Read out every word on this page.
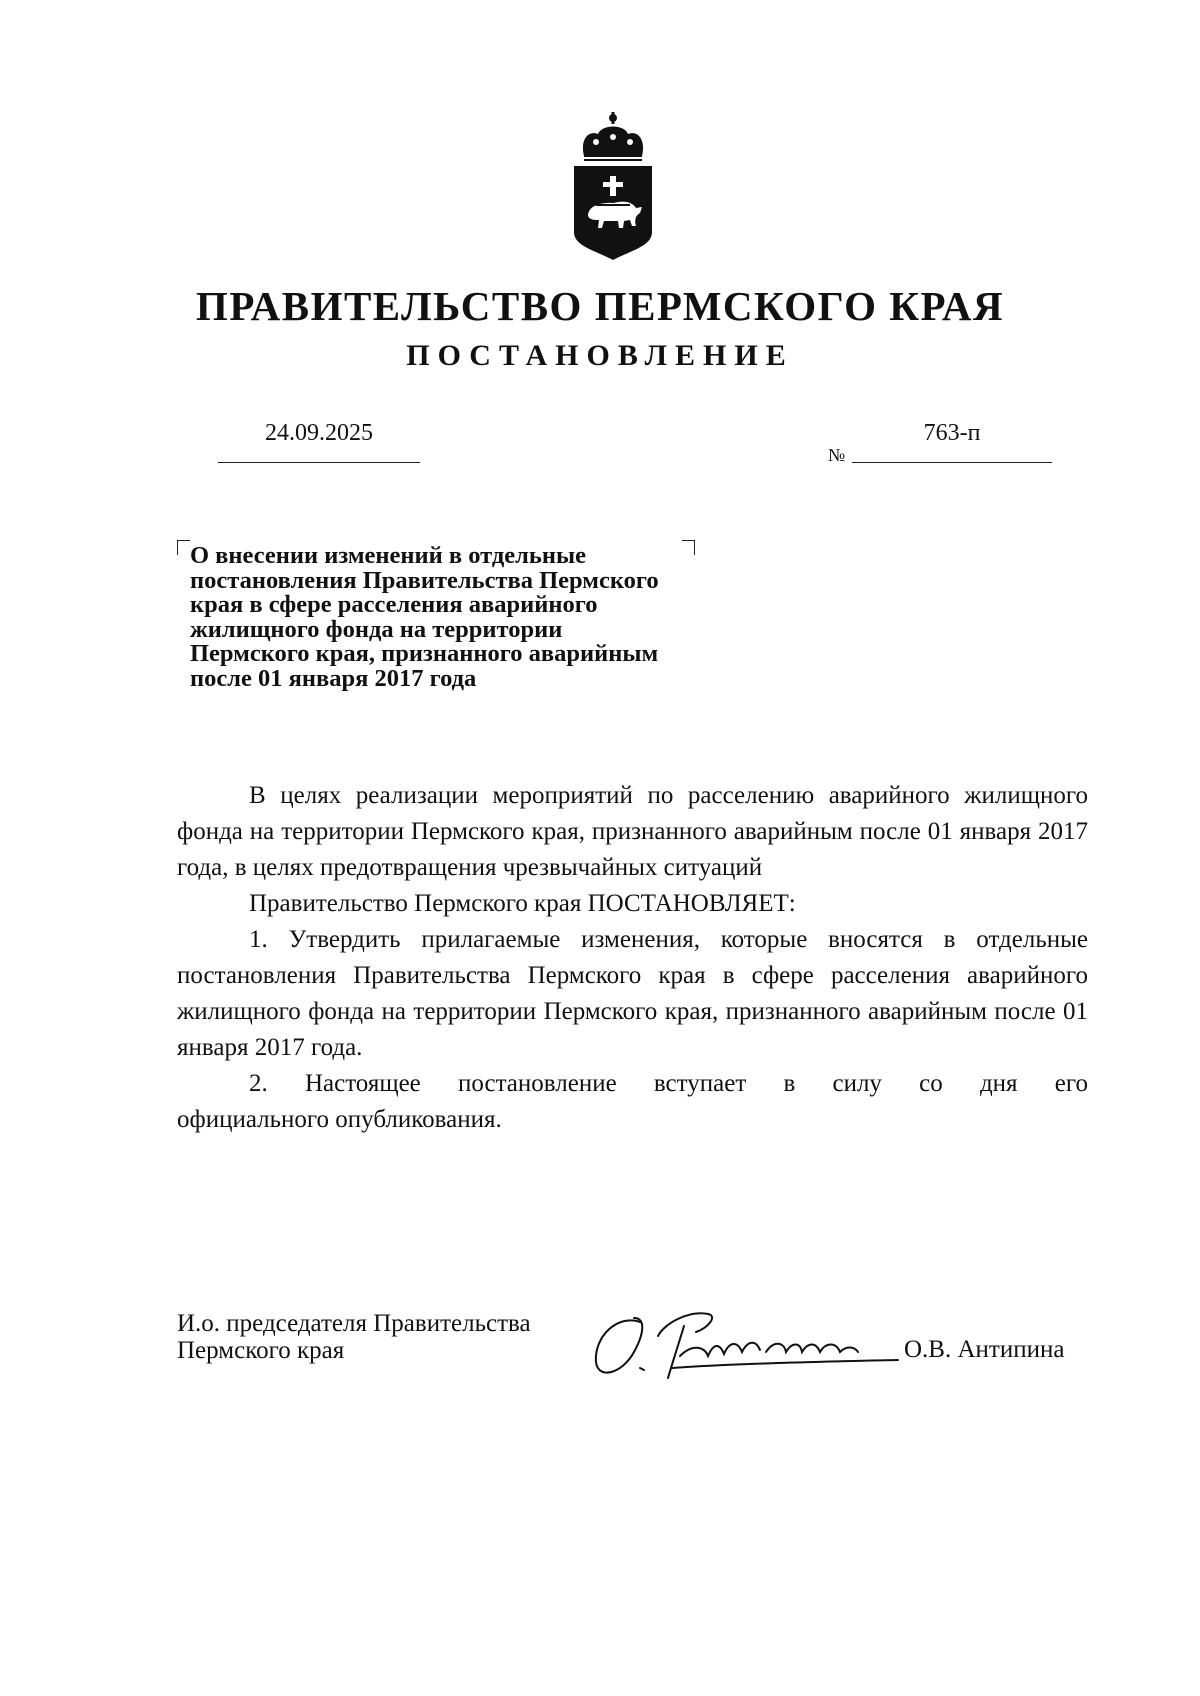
ПРАВИТЕЛЬСТВО ПЕРМСКОГО КРАЯ
ПОСТАНОВЛЕНИЕ
24.09.2025
№
763-п
О внесении изменений в отдельные
постановления Правительства Пермского
края в сфере расселения аварийного
жилищного фонда на территории
Пермского края, признанного аварийным
после 01 января 2017 года

В целях реализации мероприятий по расселению аварийного жилищного фонда на территории Пермского края, признанного аварийным после 01 января 2017 года, в целях предотвращения чрезвычайных ситуаций

Правительство Пермского края ПОСТАНОВЛЯЕТ:

1. Утвердить прилагаемые изменения, которые вносятся в отдельные постановления Правительства Пермского края в сфере расселения аварийного жилищного фонда на территории Пермского края, признанного аварийным после 01 января 2017 года.

2. Настоящее постановление вступает в силу со дня его

официального опубликования.

И.о. председателя Правительства
Пермского края	О.В. Антипина
